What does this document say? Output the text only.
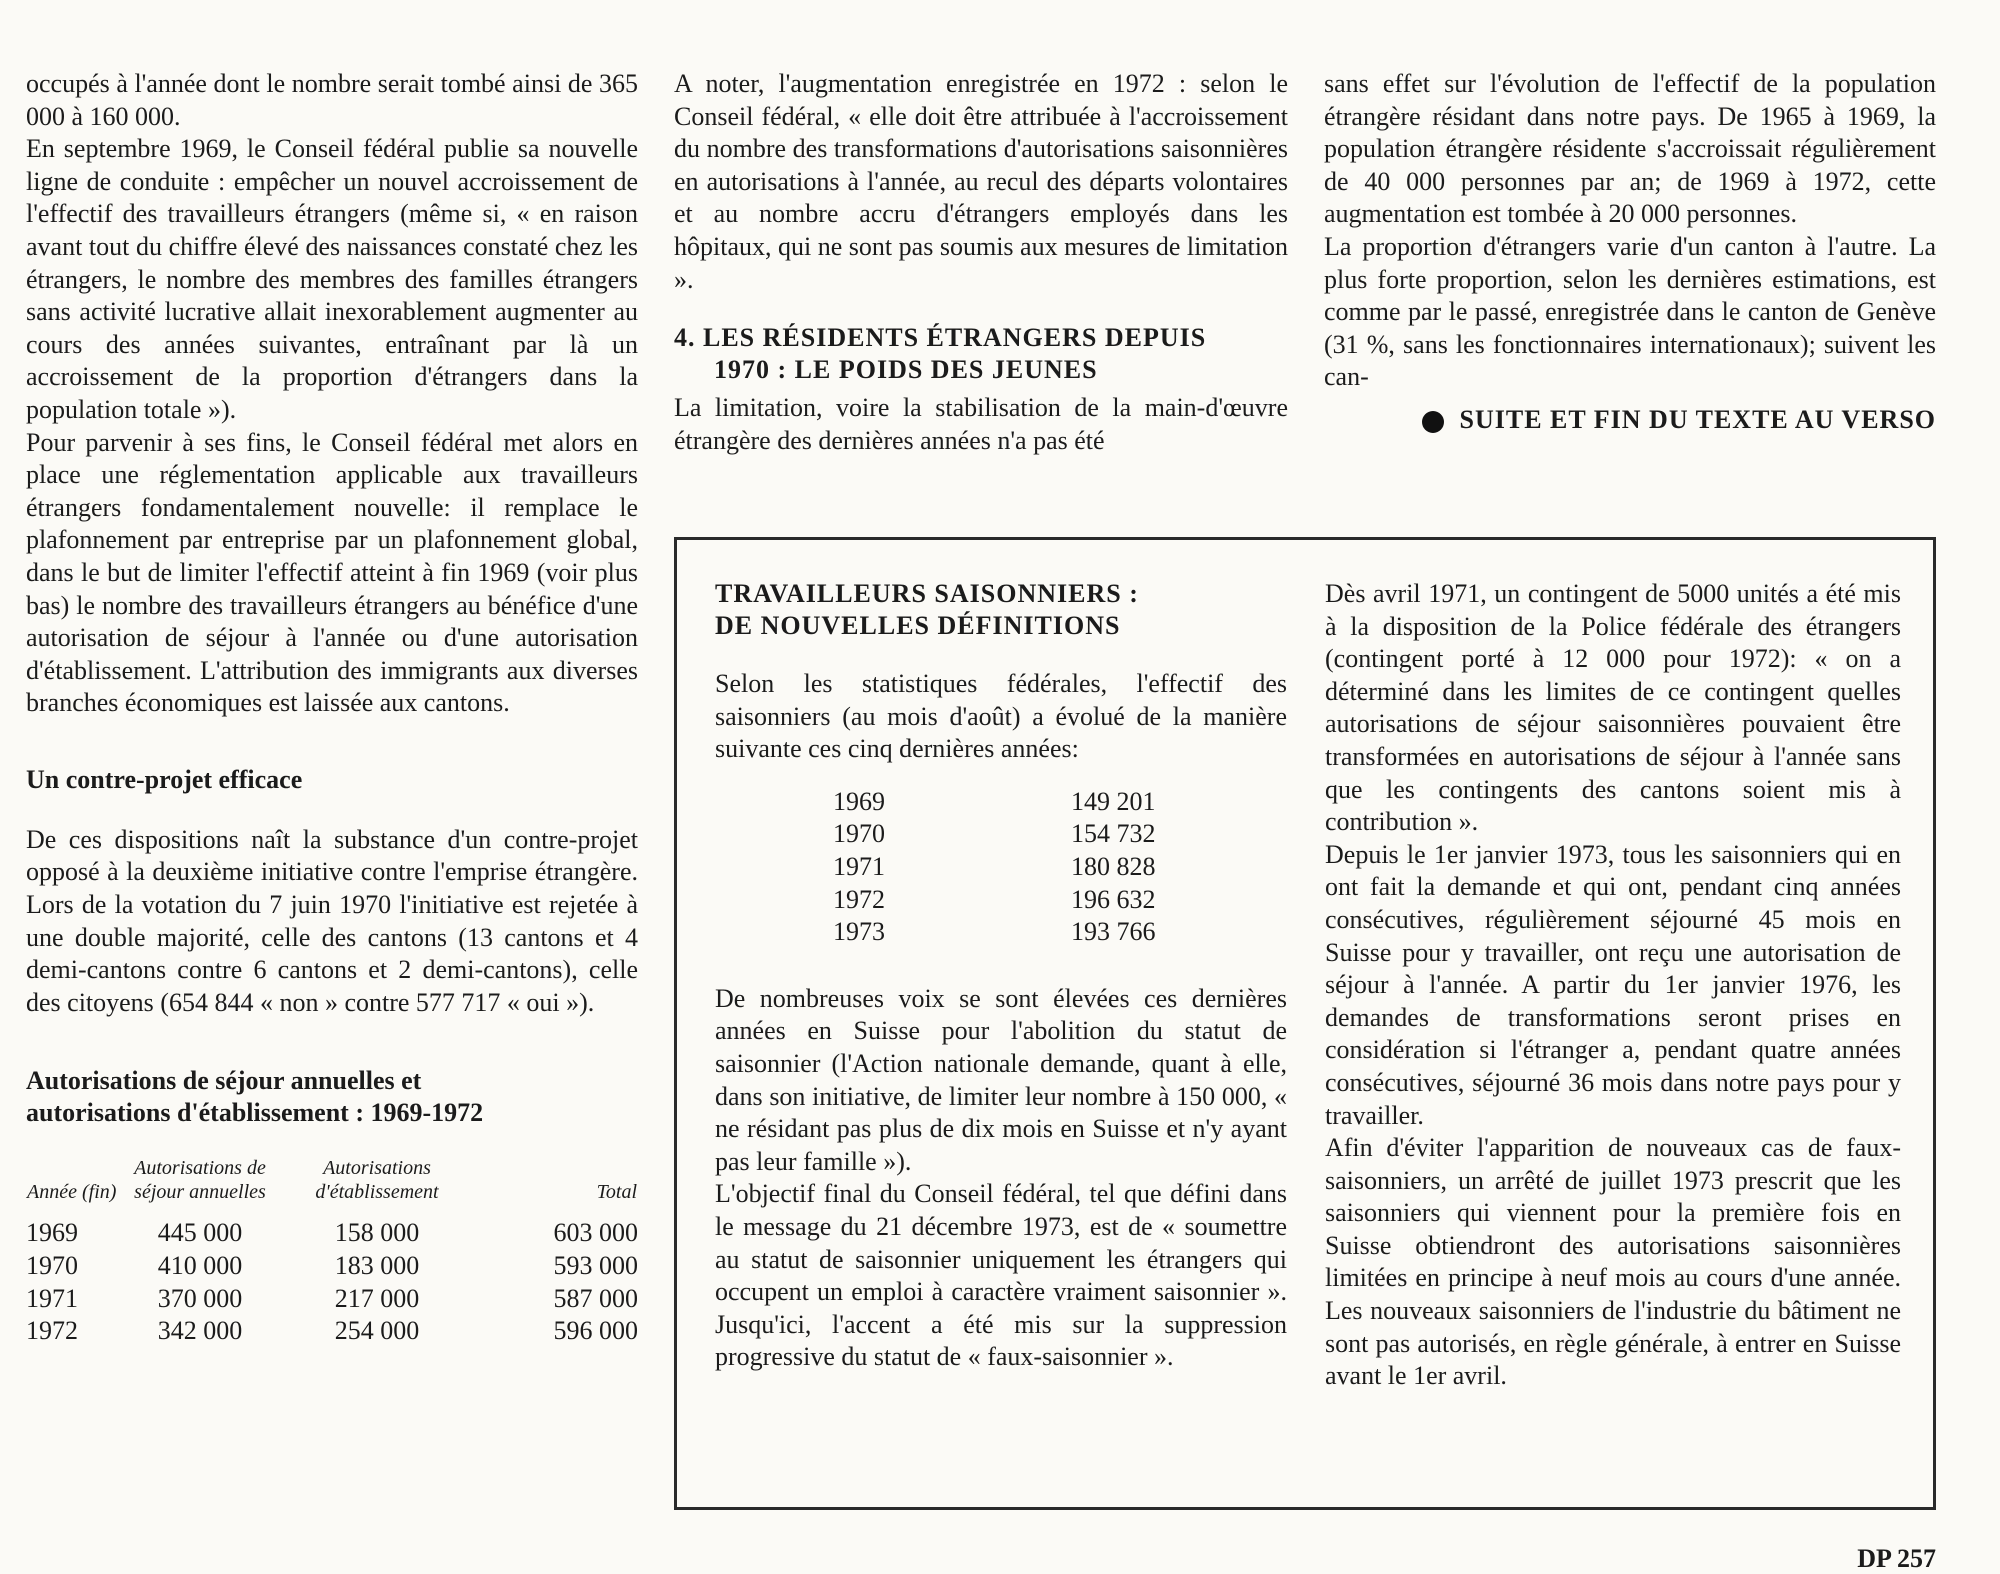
occupés à l'année dont le nombre serait tombé ainsi de 365 000 à 160 000.

En septembre 1969, le Conseil fédéral publie sa nouvelle ligne de conduite : empêcher un nouvel accroissement de l'effectif des travailleurs étrangers (même si, « en raison avant tout du chiffre élevé des naissances constaté chez les étrangers, le nombre des membres des familles étrangers sans activité lucrative allait inexorablement augmenter au cours des années suivantes, entraînant par là un accroissement de la proportion d'étrangers dans la population totale »).

Pour parvenir à ses fins, le Conseil fédéral met alors en place une réglementation applicable aux travailleurs étrangers fondamentalement nouvelle: il remplace le plafonnement par entreprise par un plafonnement global, dans le but de limiter l'effectif atteint à fin 1969 (voir plus bas) le nombre des travailleurs étrangers au bénéfice d'une autorisation de séjour à l'année ou d'une autorisation d'établissement. L'attribution des immigrants aux diverses branches économiques est laissée aux cantons.

Un contre-projet efficace

De ces dispositions naît la substance d'un contre-projet opposé à la deuxième initiative contre l'emprise étrangère. Lors de la votation du 7 juin 1970 l'initiative est rejetée à une double majorité, celle des cantons (13 cantons et 4 demi-cantons contre 6 cantons et 2 demi-cantons), celle des citoyens (654 844 « non » contre 577 717 « oui »).

Autorisations de séjour annuelles et
autorisations d'établissement : 1969-1972
Année (fin)	Autorisations de séjour annuelles	Autorisations d'établissement	Total

1969	445 000	158 000	603 000
1970	410 000	183 000	593 000
1971	370 000	217 000	587 000
1972	342 000	254 000	596 000

A noter, l'augmentation enregistrée en 1972 : selon le Conseil fédéral, « elle doit être attribuée à l'accroissement du nombre des transformations d'autorisations saisonnières en autorisations à l'année, au recul des départs volontaires et au nombre accru d'étrangers employés dans les hôpitaux, qui ne sont pas soumis aux mesures de limitation ».

4. LES RÉSIDENTS ÉTRANGERS DEPUIS
1970 : LE POIDS DES JEUNES

La limitation, voire la stabilisation de la main-d'œuvre étrangère des dernières années n'a pas été

sans effet sur l'évolution de l'effectif de la population étrangère résidant dans notre pays. De 1965 à 1969, la population étrangère résidente s'accroissait régulièrement de 40 000 personnes par an; de 1969 à 1972, cette augmentation est tombée à 20 000 personnes.

La proportion d'étrangers varie d'un canton à l'autre. La plus forte proportion, selon les dernières estimations, est comme par le passé, enregistrée dans le canton de Genève (31 %, sans les fonctionnaires internationaux); suivent les can-

SUITE ET FIN DU TEXTE AU VERSO
TRAVAILLEURS SAISONNIERS :
DE NOUVELLES DÉFINITIONS

Selon les statistiques fédérales, l'effectif des saisonniers (au mois d'août) a évolué de la manière suivante ces cinq dernières années:

1969	149 201
1970	154 732
1971	180 828
1972	196 632
1973	193 766

De nombreuses voix se sont élevées ces dernières années en Suisse pour l'abolition du statut de saisonnier (l'Action nationale demande, quant à elle, dans son initiative, de limiter leur nombre à 150 000, « ne résidant pas plus de dix mois en Suisse et n'y ayant pas leur famille »).

L'objectif final du Conseil fédéral, tel que défini dans le message du 21 décembre 1973, est de « soumettre au statut de saisonnier uniquement les étrangers qui occupent un emploi à caractère vraiment saisonnier ». Jusqu'ici, l'accent a été mis sur la suppression progressive du statut de « faux-saisonnier ».

Dès avril 1971, un contingent de 5000 unités a été mis à la disposition de la Police fédérale des étrangers (contingent porté à 12 000 pour 1972): « on a déterminé dans les limites de ce contingent quelles autorisations de séjour saisonnières pouvaient être transformées en autorisations de séjour à l'année sans que les contingents des cantons soient mis à contribution ».

Depuis le 1er janvier 1973, tous les saisonniers qui en ont fait la demande et qui ont, pendant cinq années consécutives, régulièrement séjourné 45 mois en Suisse pour y travailler, ont reçu une autorisation de séjour à l'année. A partir du 1er janvier 1976, les demandes de transformations seront prises en considération si l'étranger a, pendant quatre années consécutives, séjourné 36 mois dans notre pays pour y travailler.

Afin d'éviter l'apparition de nouveaux cas de faux-saisonniers, un arrêté de juillet 1973 prescrit que les saisonniers qui viennent pour la première fois en Suisse obtiendront des autorisations saisonnières limitées en principe à neuf mois au cours d'une année. Les nouveaux saisonniers de l'industrie du bâtiment ne sont pas autorisés, en règle générale, à entrer en Suisse avant le 1er avril.

DP 257
